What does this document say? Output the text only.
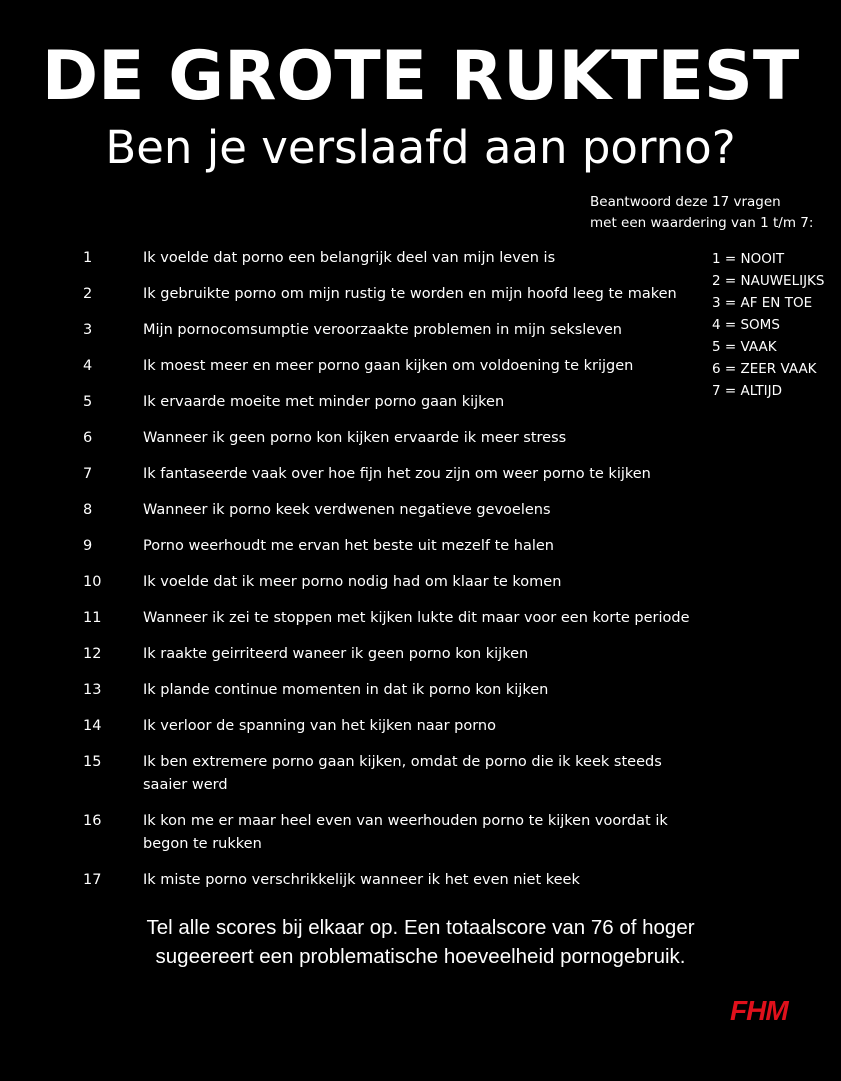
DE GROTE RUKTEST
Ben je verslaafd aan porno?
Beantwoord deze 17 vragen
met een waardering van 1 t/m 7:
1 = NOOIT
2 = NAUWELIJKS
3 = AF EN TOE
4 = SOMS
5 = VAAK
6 = ZEER VAAK
7 = ALTIJD
1	Ik voelde dat porno een belangrijk deel van mijn leven is
2	Ik gebruikte porno om mijn rustig te worden en mijn hoofd leeg te maken
3	Mijn pornocomsumptie veroorzaakte problemen in mijn seksleven
4	Ik moest meer en meer porno gaan kijken om voldoening te krijgen
5	Ik ervaarde moeite met minder porno gaan kijken
6	Wanneer ik geen porno kon kijken ervaarde ik meer stress
7	Ik fantaseerde vaak over hoe fijn het zou zijn om weer porno te kijken
8	Wanneer ik porno keek verdwenen negatieve gevoelens
9	Porno weerhoudt me ervan het beste uit mezelf te halen
10	Ik voelde dat ik meer porno nodig had om klaar te komen
11	Wanneer ik zei te stoppen met kijken lukte dit maar voor een korte periode
12	Ik raakte geirriteerd waneer ik geen porno kon kijken
13	Ik plande continue momenten in dat ik porno kon kijken
14	Ik verloor de spanning van het kijken naar porno
15	Ik ben extremere porno gaan kijken, omdat de porno die ik keek steeds saaier werd
16	Ik kon me er maar heel even van weerhouden porno te kijken voordat ik begon te rukken
17	Ik miste porno verschrikkelijk wanneer ik het even niet keek
Tel alle scores bij elkaar op. Een totaalscore van 76 of hoger
sugeereert een problematische hoeveelheid pornogebruik.
FHM
